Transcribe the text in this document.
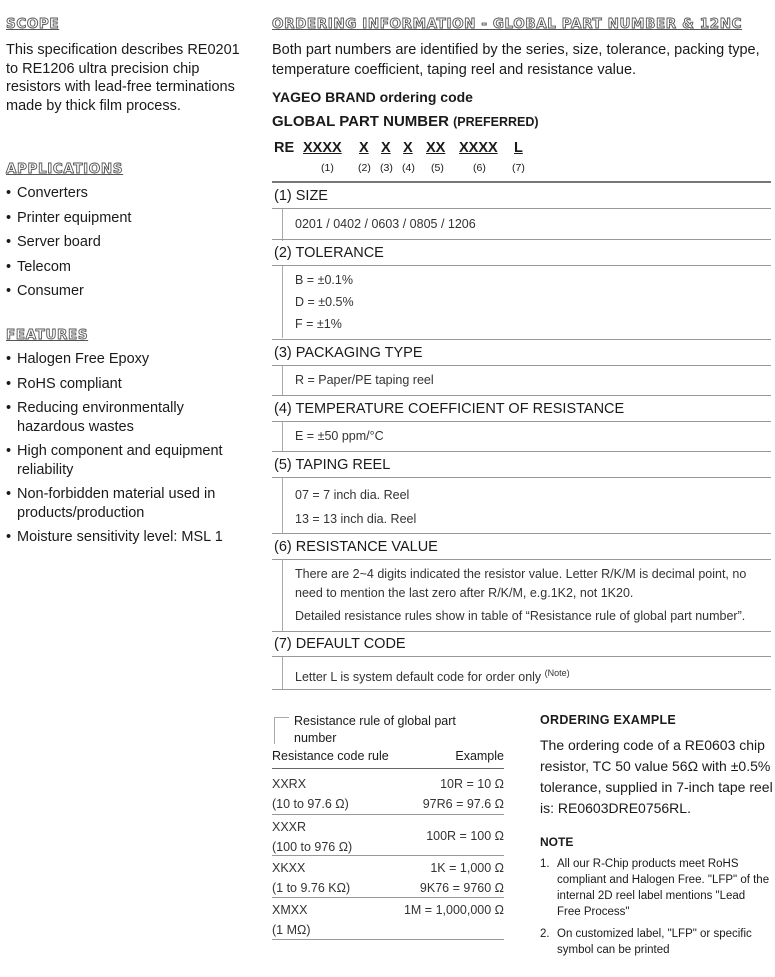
SCOPE
This specification describes RE0201 to RE1206 ultra precision chip resistors with lead-free terminations made by thick film process.
APPLICATIONS
• Converters
• Printer equipment
• Server board
• Telecom
• Consumer
FEATURES
• Halogen Free Epoxy
• RoHS compliant
• Reducing environmentally hazardous wastes
• High component and equipment reliability
• Non-forbidden material used in products/production
• Moisture sensitivity level: MSL 1
ORDERING INFORMATION - GLOBAL PART NUMBER & 12NC
Both part numbers are identified by the series, size, tolerance, packing type, temperature coefficient, taping reel and resistance value.
YAGEO BRAND ordering code
GLOBAL PART NUMBER (PREFERRED)
RE XXXX X X X XX XXXX L
(1) (2) (3) (4) (5)	(6) (7)
(1) SIZE
0201 / 0402 / 0603 / 0805 / 1206
(2) TOLERANCE
B = ±0.1%
D = ±0.5%
F = ±1%
(3) PACKAGING TYPE
R = Paper/PE taping reel
(4) TEMPERATURE COEFFICIENT OF RESISTANCE
E = ±50 ppm/°C
(5) TAPING REEL
07 = 7 inch dia. Reel
13 = 13 inch dia. Reel
(6) RESISTANCE VALUE
There are 2~4 digits indicated the resistor value. Letter R/K/M is decimal point, no need to mention the last zero after R/K/M, e.g.1K2, not 1K20.
Detailed resistance rules show in table of “Resistance rule of global part number”.
(7) DEFAULT CODE
Letter L is system default code for order only $^{(Note)}$
Resistance rule of global part number
Resistance code rule	Example
XXRX
(10 to 97.6 Ω)
10R = 10 Ω
97R6 = 97.6 Ω
XXXR
(100 to 976 Ω)
100R = 100 Ω
XKXX
(1 to 9.76 KΩ)
1K = 1,000 Ω
9K76 = 9760 Ω
XMXX
(1 MΩ)
1M = 1,000,000 Ω
ORDERING EXAMPLE
The ordering code of a RE0603 chip resistor, TC 50 value 56Ω with ±0.5% tolerance, supplied in 7-inch tape reel is: RE0603DRE0756RL.
NOTE
1. All our R-Chip products meet RoHS compliant and Halogen Free. "LFP" of the internal 2D reel label mentions "Lead Free Process"
2. On customized label, "LFP" or specific symbol can be printed
